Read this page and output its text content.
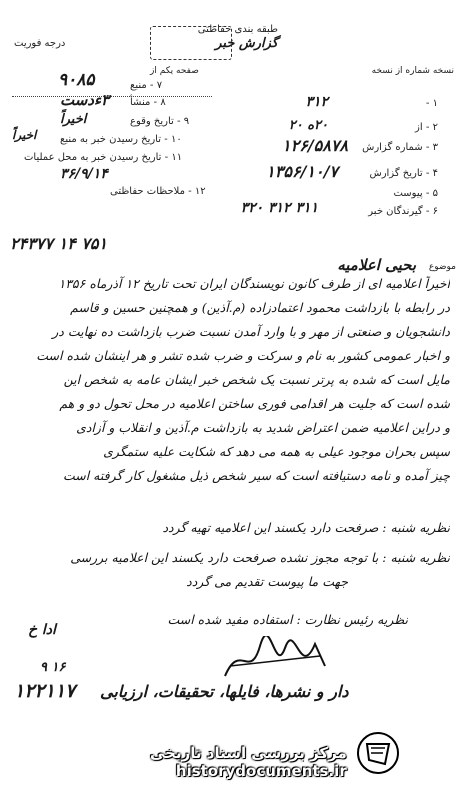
طبقه بندی حفاظتی
گزارش خبر
درجه فوریت
صفحه یکم از	نسخه شماره از نسخه
۷ - منبع
۹۰۸۵
۸ - منشأ
۳ءدست
۹ - تاریخ وقوع
اخیراً
۱۰ - تاریخ رسیدن خبر به منبع
اخیراً
۱۱ - تاریخ رسیدن خبر به محل عملیات
۳۶/۹/۱۴
۱۲ - ملاحظات حفاظتی
۱ -
۳۱۲
۲ - از
۲۰ه ۲۰
۳ - شماره گزارش
۱۲۶/۵۸۷۸
۴ - تاریخ گزارش
۱۳۵۶/۱۰/۷
۵ - پیوست
۶ - گیرندگان خبر
۳۱۱ ۳۱۲ ۳۲۰
موضوع
بحیی اعلامیه
۷۵۱ ۱۴ ۲۴۳۷۷
اخیراً اعلامیه ای از طرف کانون نویسندگان ایران تحت تاریخ ۱۲ آذرماه ۱۳۵۶
در رابطه با بازداشت محمود اعتمادزاده (م.آذین) و همچنین حسین و قاسم
دانشجویان و صنعتی از مهر و با وارد آمدن نسبت ضرب بازداشت ده نهایت در
و اخبار عمومی کشور به نام و سرکت و ضرب شده تشر و هر اینشان شده است
مایل است که شده به پرتر نسبت یک شخص خبر ایشان عامه به شخص این
شده است که جلیت هر اقدامی فوری ساختن اعلامیه در محل تحول دو و هم
و دراین اعلامیه ضمن اعتراض شدید به بازداشت م.آذین و انقلاب و آزادی
سپس بحران موجود عیلی به همه می دهد که شکایت علیه ستمگری
چیز آمده و نامه دستیافته است که سیر شخص ذیل مشغول کار گرفته است
نظریه شنبه : صرفحت دارد یکسند این اعلامیه تهیه گردد
نظریه شنبه : با توجه مجوز نشده صرفحت دارد یکسند این اعلامیه بررسی
جهت ما پیوست تقدیم می گردد
نظریه رئیس نظارت : استفاده مفید شده است
ادا خ
۱۲۲۱۱۷
۱۶ ۹
دار و نشرها، فایلها، تحقیقات، ارزیابی
مرکز بررسی اسناد تاریخی
historydocuments.ir
